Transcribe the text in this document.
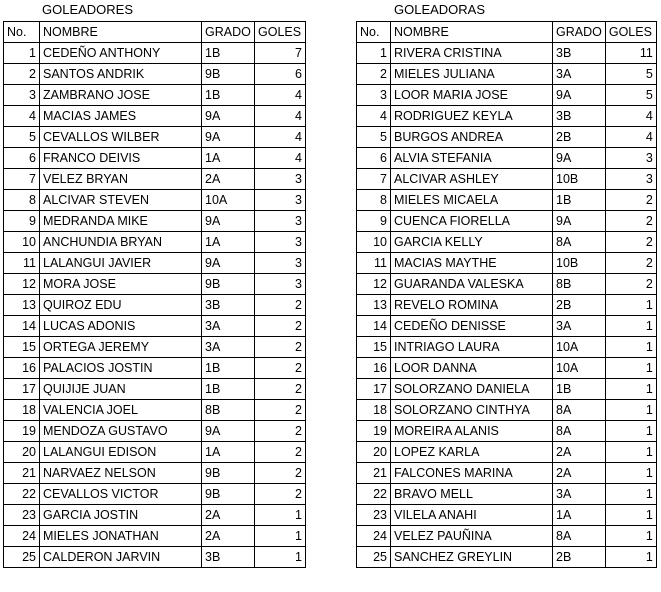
GOLEADORES	GOLEADORAS
No.	NOMBRE	GRADO	GOLES
1	CEDEÑO ANTHONY	1B	7
2	SANTOS ANDRIK	9B	6
3	ZAMBRANO JOSE	1B	4
4	MACIAS JAMES	9A	4
5	CEVALLOS WILBER	9A	4
6	FRANCO DEIVIS	1A	4
7	VELEZ BRYAN	2A	3
8	ALCIVAR STEVEN	10A	3
9	MEDRANDA MIKE	9A	3
10	ANCHUNDIA BRYAN	1A	3
11	LALANGUI JAVIER	9A	3
12	MORA JOSE	9B	3
13	QUIROZ EDU	3B	2
14	LUCAS ADONIS	3A	2
15	ORTEGA JEREMY	3A	2
16	PALACIOS JOSTIN	1B	2
17	QUIJIJE JUAN	1B	2
18	VALENCIA JOEL	8B	2
19	MENDOZA GUSTAVO	9A	2
20	LALANGUI EDISON	1A	2
21	NARVAEZ NELSON	9B	2
22	CEVALLOS VICTOR	9B	2
23	GARCIA JOSTIN	2A	1
24	MIELES JONATHAN	2A	1
25	CALDERON JARVIN	3B	1
No.	NOMBRE	GRADO	GOLES
1	RIVERA CRISTINA	3B	11
2	MIELES JULIANA	3A	5
3	LOOR MARIA JOSE	9A	5
4	RODRIGUEZ KEYLA	3B	4
5	BURGOS ANDREA	2B	4
6	ALVIA STEFANIA	9A	3
7	ALCIVAR ASHLEY	10B	3
8	MIELES MICAELA	1B	2
9	CUENCA FIORELLA	9A	2
10	GARCIA KELLY	8A	2
11	MACIAS MAYTHE	10B	2
12	GUARANDA VALESKA	8B	2
13	REVELO ROMINA	2B	1
14	CEDEÑO DENISSE	3A	1
15	INTRIAGO LAURA	10A	1
16	LOOR DANNA	10A	1
17	SOLORZANO DANIELA	1B	1
18	SOLORZANO CINTHYA	8A	1
19	MOREIRA ALANIS	8A	1
20	LOPEZ KARLA	2A	1
21	FALCONES MARINA	2A	1
22	BRAVO MELL	3A	1
23	VILELA ANAHI	1A	1
24	VELEZ PAUÑINA	8A	1
25	SANCHEZ GREYLIN	2B	1
